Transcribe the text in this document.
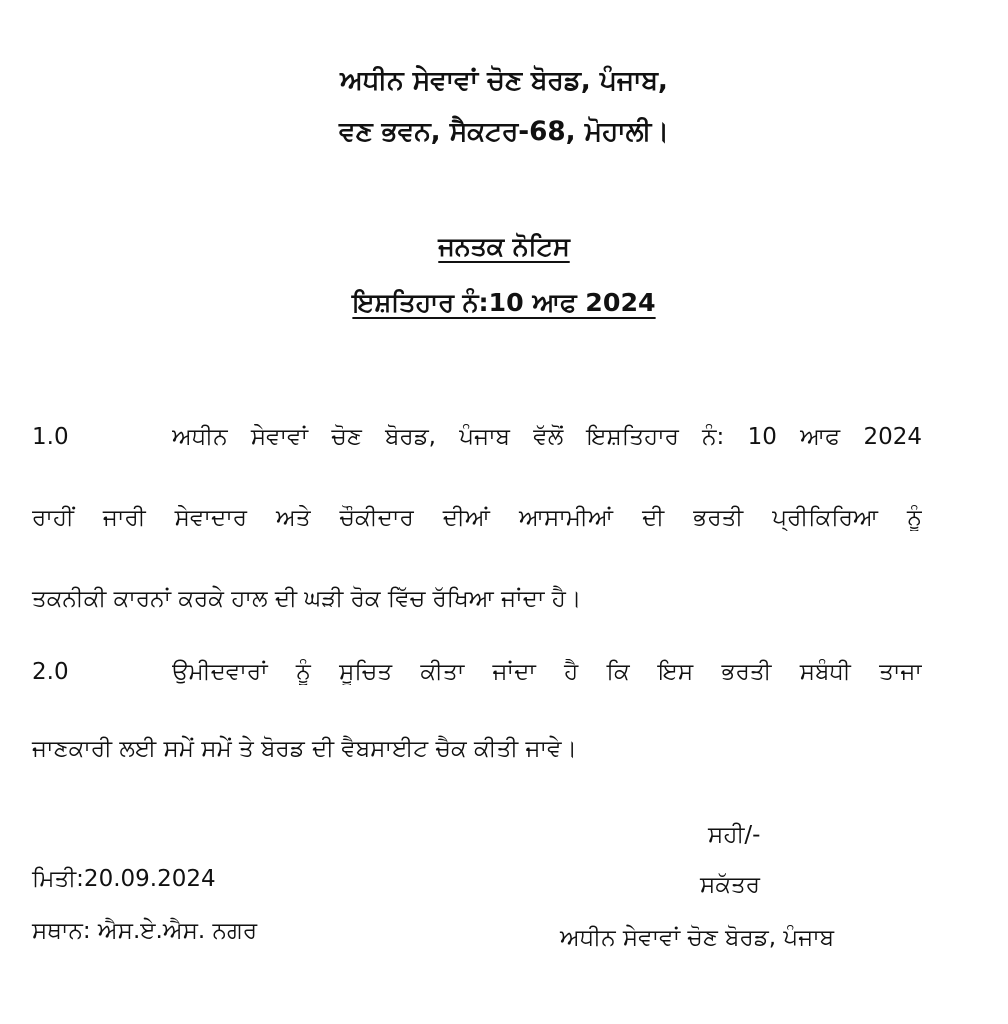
ਅਧੀਨ ਸੇਵਾਵਾਂ ਚੋਣ ਬੋਰਡ, ਪੰਜਾਬ,
ਵਣ ਭਵਨ, ਸੈਕਟਰ-68, ਮੋਹਾਲੀ।
ਜਨਤਕ ਨੋਟਿਸ
ਇਸ਼ਤਿਹਾਰ ਨੰ:10 ਆਫ 2024
1.0	ਅਧੀਨ ਸੇਵਾਵਾਂ ਚੋਣ ਬੋਰਡ, ਪੰਜਾਬ ਵੱਲੋਂ ਇਸ਼ਤਿਹਾਰ ਨੰ: 10 ਆਫ 2024
ਰਾਹੀਂ ਜਾਰੀ ਸੇਵਾਦਾਰ ਅਤੇ ਚੌਕੀਦਾਰ ਦੀਆਂ ਆਸਾਮੀਆਂ ਦੀ ਭਰਤੀ ਪ੍ਰੀਕਿਰਿਆ ਨੂੰ
ਤਕਨੀਕੀ ਕਾਰਨਾਂ ਕਰਕੇ ਹਾਲ ਦੀ ਘੜੀ ਰੋਕ ਵਿੱਚ ਰੱਖਿਆ ਜਾਂਦਾ ਹੈ।
2.0	ਉਮੀਦਵਾਰਾਂ ਨੂੰ ਸੂਚਿਤ ਕੀਤਾ ਜਾਂਦਾ ਹੈ ਕਿ ਇਸ ਭਰਤੀ ਸਬੰਧੀ ਤਾਜਾ
ਜਾਣਕਾਰੀ ਲਈ ਸਮੇਂ ਸਮੇਂ ਤੇ ਬੋਰਡ ਦੀ ਵੈਬਸਾਈਟ ਚੈਕ ਕੀਤੀ ਜਾਵੇ।
ਸਹੀ/-
ਸਕੱਤਰ
ਅਧੀਨ ਸੇਵਾਵਾਂ ਚੋਣ ਬੋਰਡ, ਪੰਜਾਬ
ਮਿਤੀ:20.09.2024
ਸਥਾਨ: ਐਸ.ਏ.ਐਸ. ਨਗਰ
